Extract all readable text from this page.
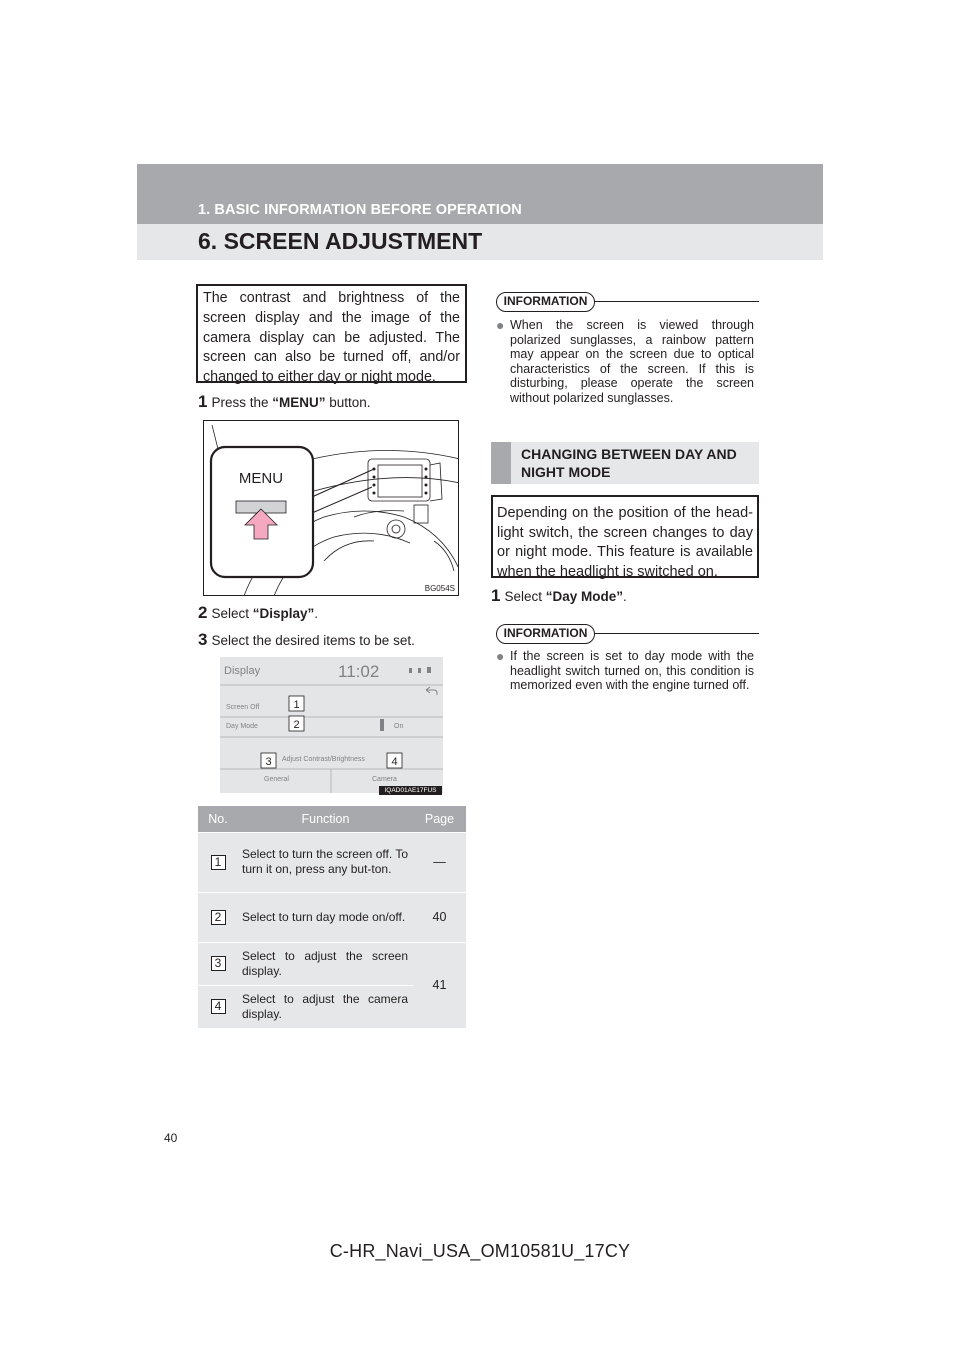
1. BASIC INFORMATION BEFORE OPERATION
6. SCREEN ADJUSTMENT
The contrast and brightness of the screen display and the image of the camera display can be adjusted. The screen can also be turned off, and/or changed to either day or night mode.
1 Press the “MENU” button.
MENU
BG054S
2 Select “Display”.
3 Select the desired items to be set.
Display	11:02
Screen Off
Day Mode	On
Adjust Contrast/Brightness
General	Camera
1
2
3	4
IQAD01AE17FUS
No.	Function	Page
1	Select to turn the screen off. To turn it on, press any but-ton.	—
2	Select to turn day mode on/off.	40
3	Select to adjust the screen display.	41
4	Select to adjust the camera display.	
INFORMATION
● When the screen is viewed through polarized sunglasses, a rainbow pattern may appear on the screen due to optical characteristics of the screen. If this is disturbing, please operate the screen without polarized sunglasses.
CHANGING BETWEEN DAY AND NIGHT MODE
Depending on the position of the head-light switch, the screen changes to day or night mode. This feature is available when the headlight is switched on.
1 Select “Day Mode”.
INFORMATION
● If the screen is set to day mode with the headlight switch turned on, this condition is memorized even with the engine turned off.
40
C-HR_Navi_USA_OM10581U_17CY
